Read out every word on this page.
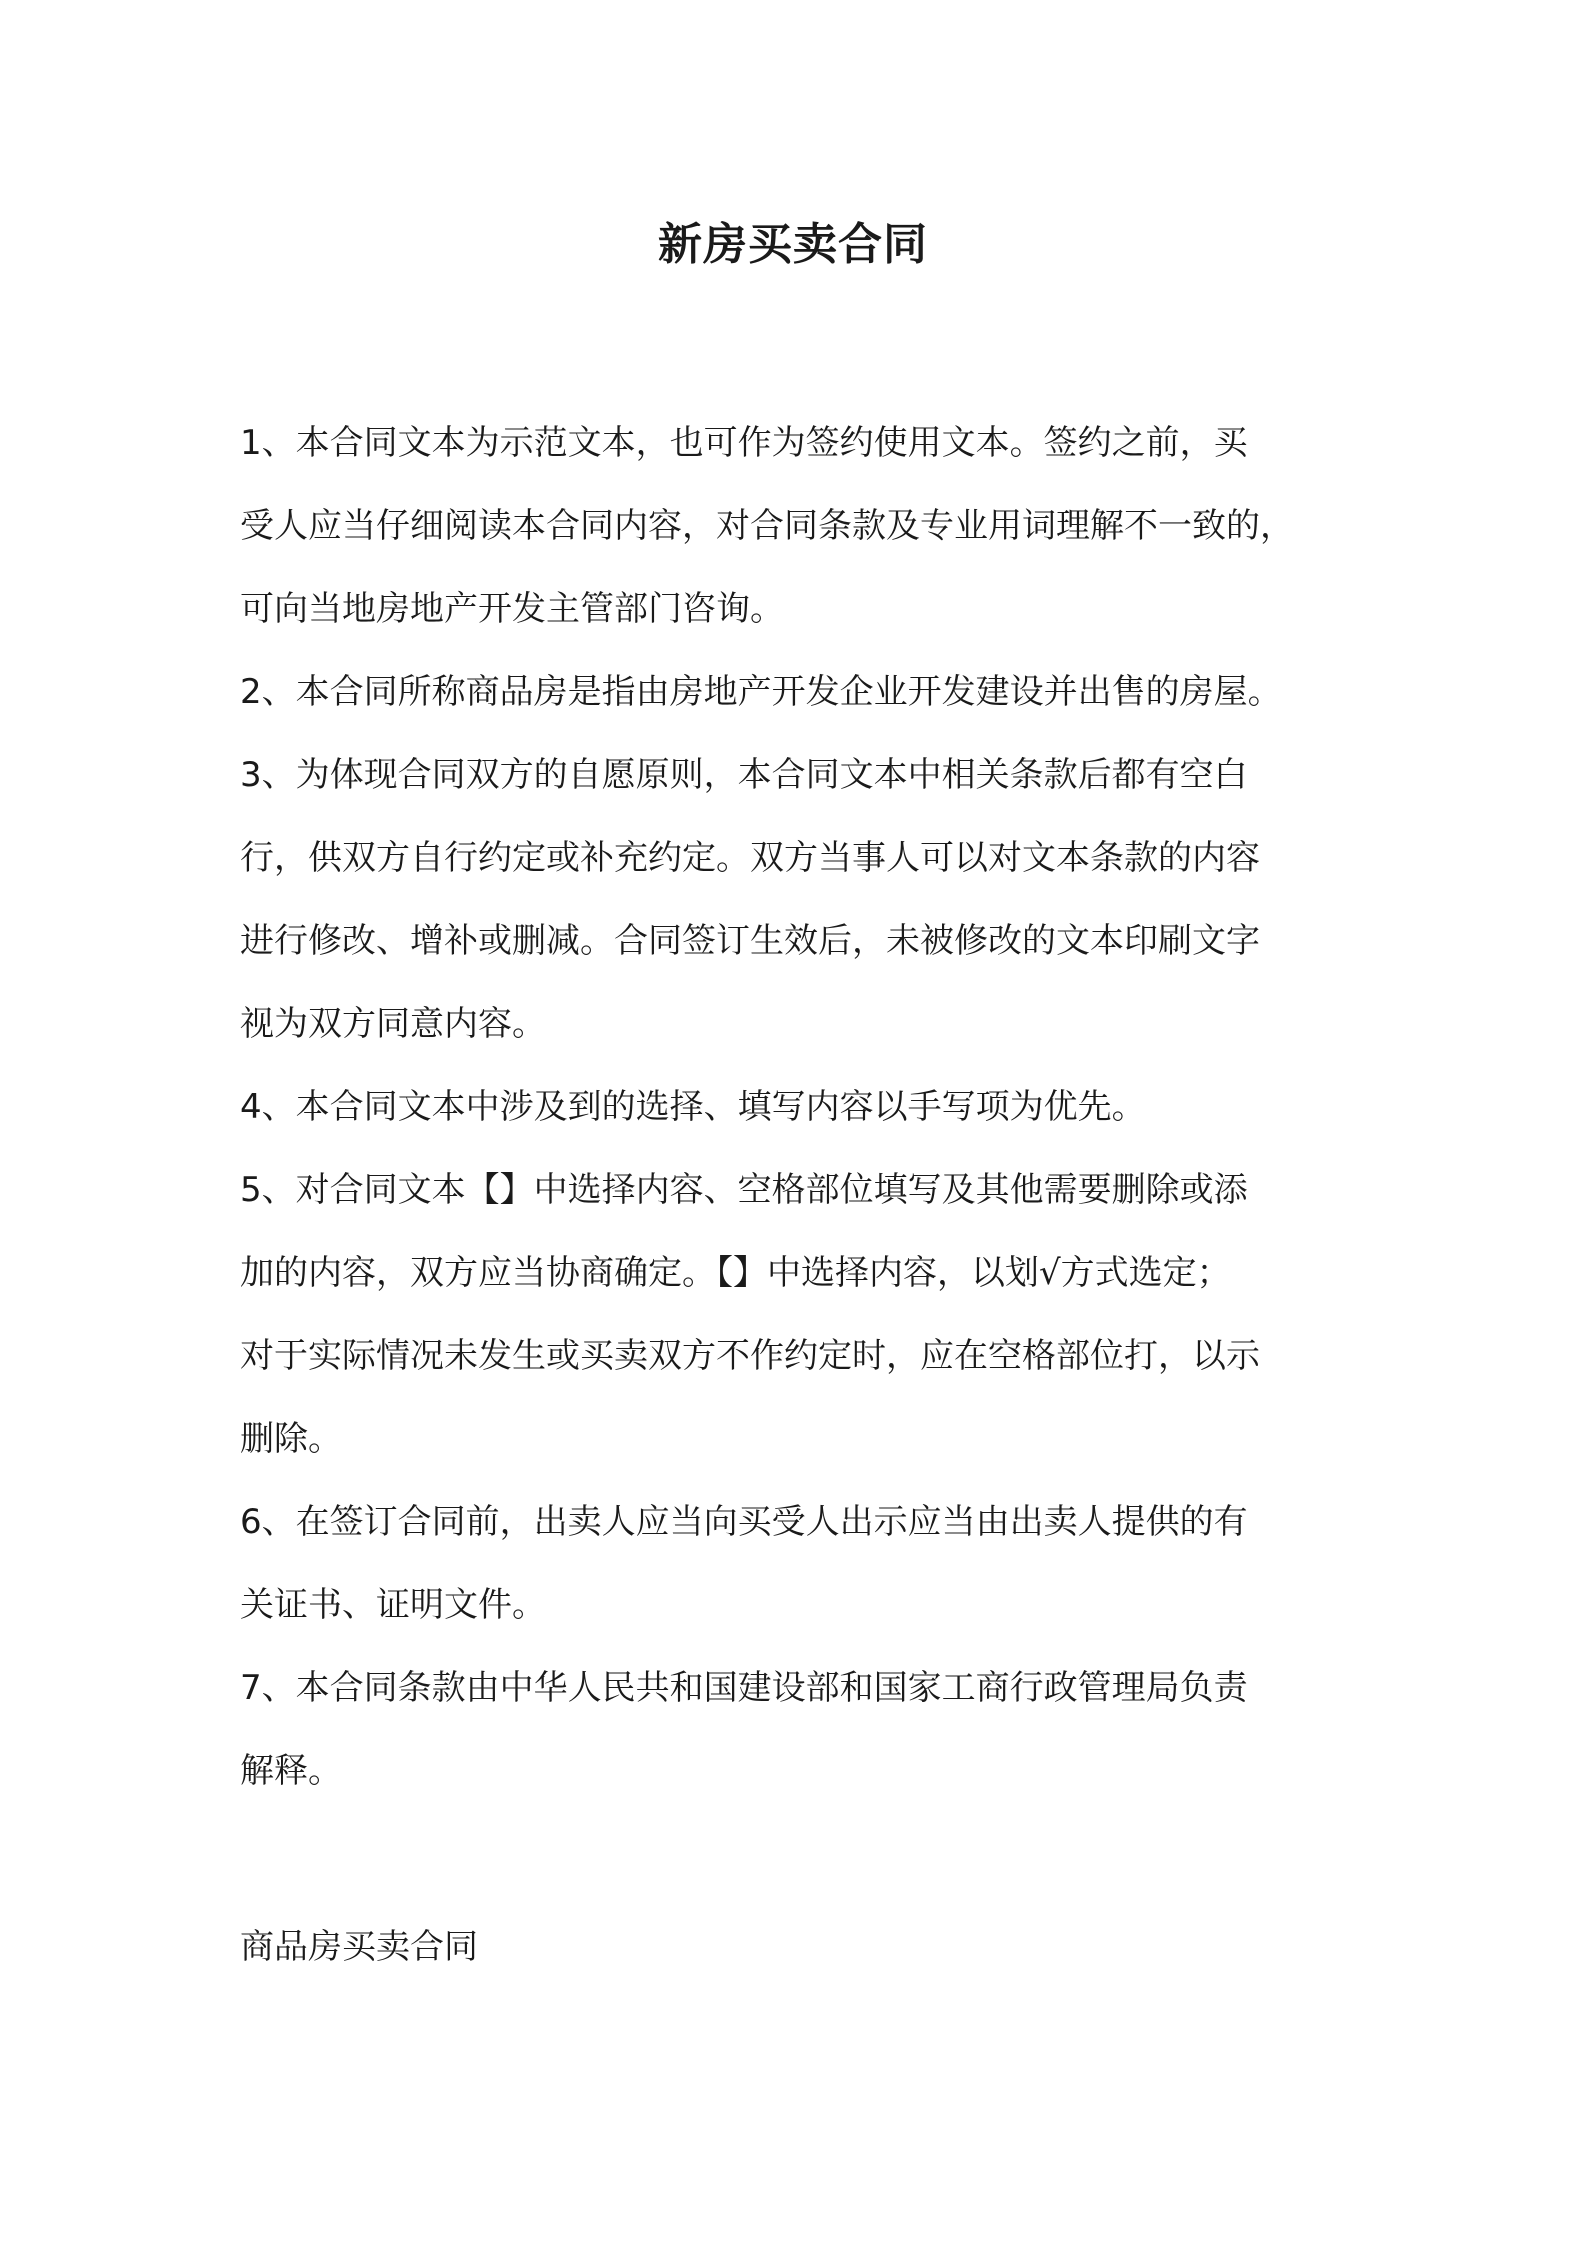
新房买卖合同
1、本合同文本为示范文本，也可作为签约使用文本。签约之前，买
受人应当仔细阅读本合同内容，对合同条款及专业用词理解不一致的，
可向当地房地产开发主管部门咨询。
2、本合同所称商品房是指由房地产开发企业开发建设并出售的房屋。
3、为体现合同双方的自愿原则，本合同文本中相关条款后都有空白
行，供双方自行约定或补充约定。双方当事人可以对文本条款的内容
进行修改、增补或删减。合同签订生效后，未被修改的文本印刷文字
视为双方同意内容。
4、本合同文本中涉及到的选择、填写内容以手写项为优先。
5、对合同文本【】中选择内容、空格部位填写及其他需要删除或添
加的内容，双方应当协商确定。【】中选择内容，以划√方式选定；
对于实际情况未发生或买卖双方不作约定时，应在空格部位打，以示
删除。
6、在签订合同前，出卖人应当向买受人出示应当由出卖人提供的有
关证书、证明文件。
7、本合同条款由中华人民共和国建设部和国家工商行政管理局负责
解释。

商品房买卖合同
